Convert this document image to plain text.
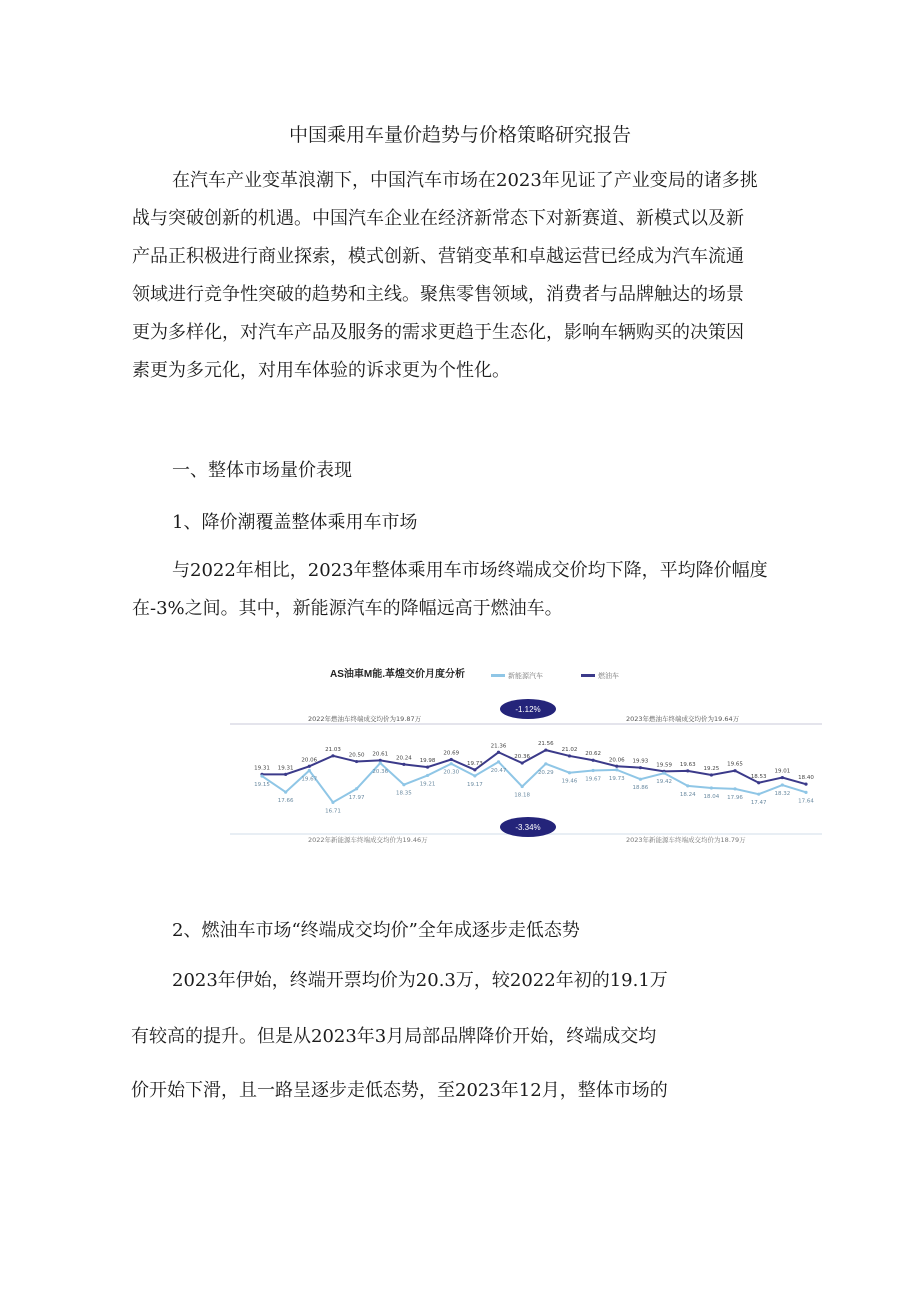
中国乘用车量价趋势与价格策略研究报告
在汽车产业变革浪潮下，中国汽车市场在2023年见证了产业变局的诸多挑
战与突破创新的机遇。中国汽车企业在经济新常态下对新赛道、新模式以及新
产品正积极进行商业探索，模式创新、营销变革和卓越运营已经成为汽车流通
领域进行竞争性突破的趋势和主线。聚焦零售领域，消费者与品牌触达的场景
更为多样化，对汽车产品及服务的需求更趋于生态化，影响车辆购买的决策因
素更为多元化，对用车体验的诉求更为个性化。
一、整体市场量价表现
1、降价潮覆盖整体乘用车市场
与2022年相比，2023年整体乘用车市场终端成交价均下降，平均降价幅度
在-3%之间。其中，新能源汽车的降幅远高于燃油车。
AS油車M能.革煌交价月度分析	新能源汽车	燃油车
2022年燃油车终端成交均价为19.87万	2023年燃油车终端成交均价为19.64万
2022年新能源车终端成交均价为19.46万	2023年新能源车终端成交均价为18.79万
-1.12%
-3.34%
19.31 19.31
20.06
21.03
20.50 20.61
20.24 19.98
20.69
19.73
21.36
20.36
21.56
21.02
20.62
20.06 19.93
19.59 19.63
19.25
19.65
18.53
19.01
18.40
19.15
17.66
19.67
16.71
17.97
20.36
18.35
19.21
20.30
19.17
20.47
18.18
20.29
19.46 19.67 19.73
18.86
19.42
18.24 18.04 17.96
17.47
18.32
17.64
2、燃油车市场“终端成交均价”全年成逐步走低态势
2023年伊始，终端开票均价为20.3万，较2022年初的19.1万
有较高的提升。但是从2023年3月局部品牌降价开始，终端成交均
价开始下滑，且一路呈逐步走低态势，至2023年12月，整体市场的
